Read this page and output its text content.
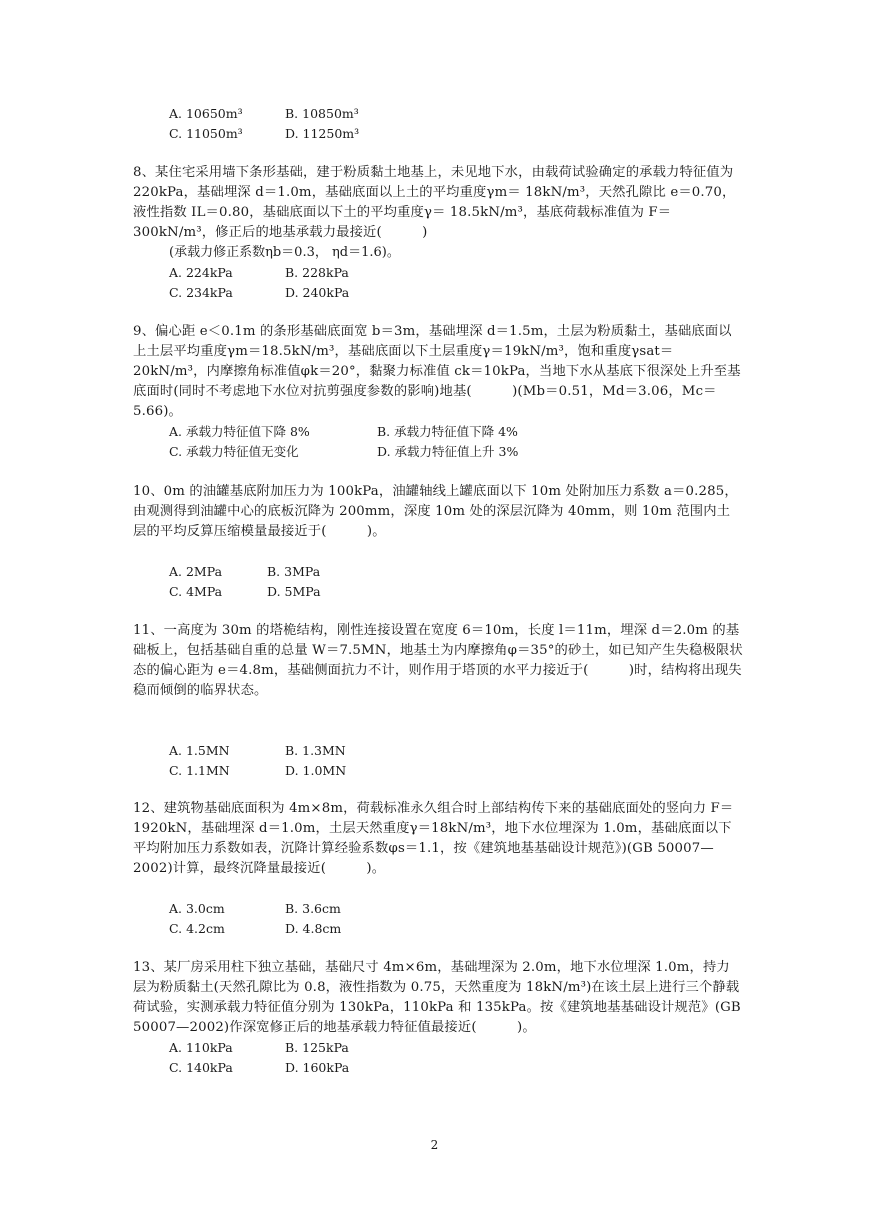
A. 10650m³	B. 10850m³
C. 11050m³	D. 11250m³

8、某住宅采用墙下条形基础，建于粉质黏土地基上，未见地下水，由载荷试验确定的承载力特征值为220kPa，基础埋深 d＝1.0m，基础底面以上土的平均重度γm＝ 18kN/m³，天然孔隙比 e＝0.70，液性指数 IL＝0.80，基础底面以下土的平均重度γ＝ 18.5kN/m³，基底荷载标准值为 F＝300kN/m³，修正后的地基承载力最接近(　　　)

(承载力修正系数ηb＝0.3， ηd＝1.6)。

A. 224kPa	B. 228kPa
C. 234kPa	D. 240kPa

9、偏心距 e＜0.1m 的条形基础底面宽 b＝3m，基础埋深 d＝1.5m，土层为粉质黏土，基础底面以上土层平均重度γm＝18.5kN/m³，基础底面以下土层重度γ＝19kN/m³，饱和重度γsat＝20kN/m³，内摩擦角标准值φk＝20°，黏聚力标准值 ck＝10kPa，当地下水从基底下很深处上升至基底面时(同时不考虑地下水位对抗剪强度参数的影响)地基(　　　)(Mb＝0.51，Md＝3.06，Mc＝5.66)。

A. 承载力特征值下降 8%	B. 承载力特征值下降 4%
C. 承载力特征值无变化	D. 承载力特征值上升 3%

10、0m 的油罐基底附加压力为 100kPa，油罐轴线上罐底面以下 10m 处附加压力系数 a＝0.285，由观测得到油罐中心的底板沉降为 200mm，深度 10m 处的深层沉降为 40mm，则 10m 范围内土层的平均反算压缩模量最接近于(　　　)。

A. 2MPa	B. 3MPa
C. 4MPa	D. 5MPa

11、一高度为 30m 的塔桅结构，刚性连接设置在宽度 6＝10m，长度 l＝11m，埋深 d＝2.0m 的基础板上，包括基础自重的总量 W＝7.5MN，地基土为内摩擦角φ＝35°的砂土，如已知产生失稳极限状态的偏心距为 e＝4.8m，基础侧面抗力不计，则作用于塔顶的水平力接近于(　　　)时，结构将出现失稳而倾倒的临界状态。

A. 1.5MN	B. 1.3MN
C. 1.1MN	D. 1.0MN

12、建筑物基础底面积为 4m×8m，荷载标准永久组合时上部结构传下来的基础底面处的竖向力 F＝1920kN，基础埋深 d＝1.0m，土层天然重度γ＝18kN/m³，地下水位埋深为 1.0m，基础底面以下平均附加压力系数如表，沉降计算经验系数φs＝1.1，按《建筑地基基础设计规范》)(GB 50007—2002)计算，最终沉降量最接近(　　　)。

A. 3.0cm	B. 3.6cm
C. 4.2cm	D. 4.8cm

13、某厂房采用柱下独立基础，基础尺寸 4m×6m，基础埋深为 2.0m，地下水位埋深 1.0m，持力层为粉质黏土(天然孔隙比为 0.8，液性指数为 0.75，天然重度为 18kN/m³)在该土层上进行三个静载荷试验，实测承载力特征值分别为 130kPa，110kPa 和 135kPa。按《建筑地基基础设计规范》(GB 50007—2002)作深宽修正后的地基承载力特征值最接近(　　　)。

A. 110kPa	B. 125kPa
C. 140kPa	D. 160kPa
2
